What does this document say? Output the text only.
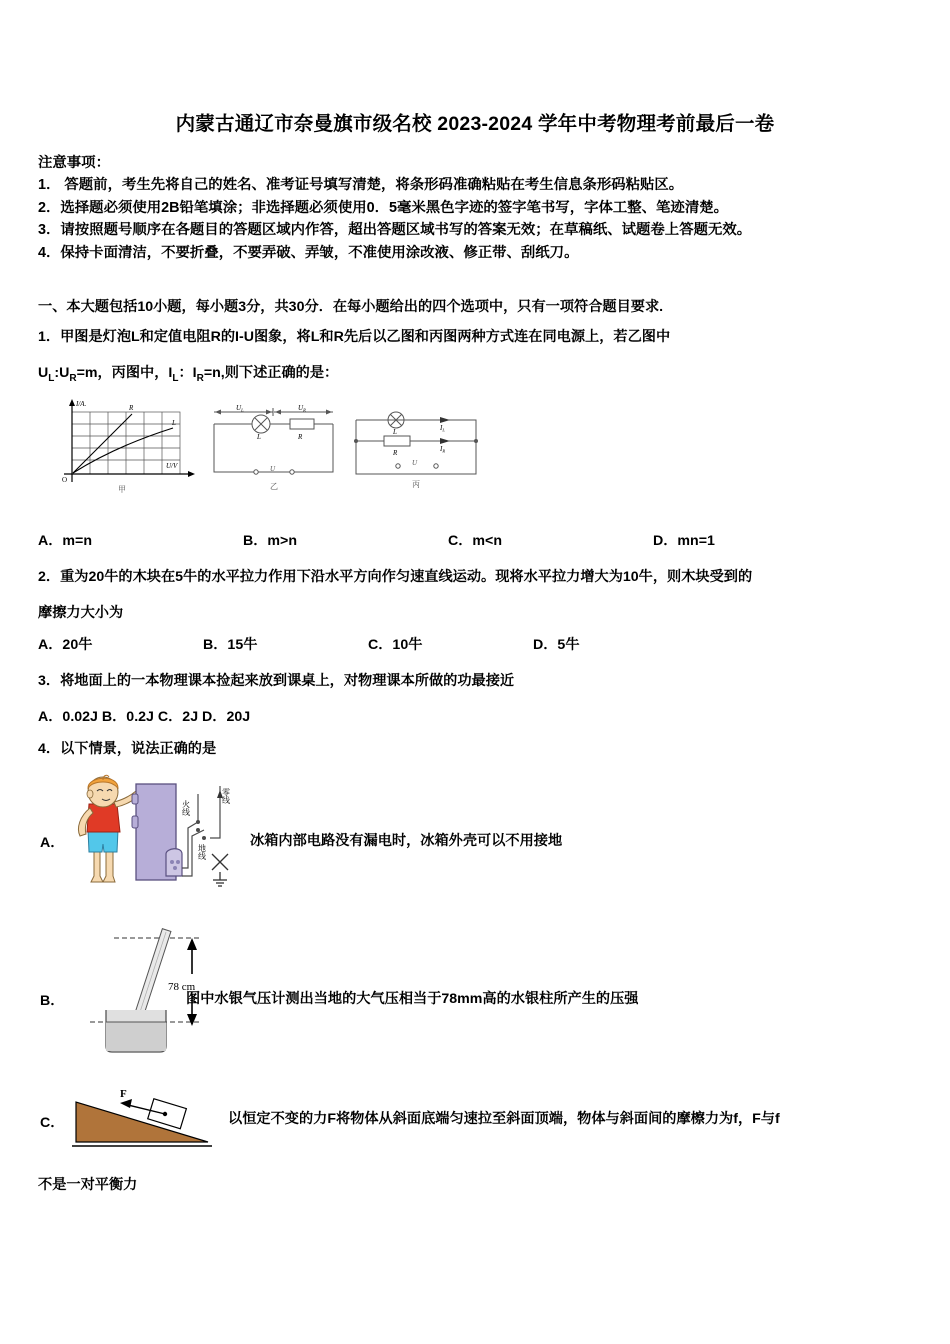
内蒙古通辽市奈曼旗市级名校 2023-2024 学年中考物理考前最后一卷
注意事项：
1． 答题前，考生先将自己的姓名、准考证号填写清楚，将条形码准确粘贴在考生信息条形码粘贴区。
2．选择题必须使用2B铅笔填涂；非选择题必须使用0．5毫米黑色字迹的签字笔书写，字体工整、笔迹清楚。
3．请按照题号顺序在各题目的答题区域内作答，超出答题区域书写的答案无效；在草稿纸、试题卷上答题无效。
4．保持卡面清洁，不要折叠，不要弄破、弄皱，不准使用涂改液、修正带、刮纸刀。
一、本大题包括10小题，每小题3分，共30分．在每小题给出的四个选项中，只有一项符合题目要求.
1．甲图是灯泡L和定值电阻R的I-U图象，将L和R先后以乙图和丙图两种方式连在同电源上，若乙图中
$U_L:U_R=m$，丙图中，$I_L$：$I_R=n$,则下述正确的是：
I/A.
U/V
O
R
L
甲
$U_L$	$U_R$
L	R
U
乙
L
R
$I_L$
$I_R$
U
丙
A．m=n	B．m>n	C．m<n	D．mn=1
2．重为20牛的木块在5牛的水平拉力作用下沿水平方向作匀速直线运动。现将水平拉力增大为10牛，则木块受到的
摩擦力大小为
A．20牛	B．15牛	C．10牛	D．5牛
3．将地面上的一本物理课本捡起来放到课桌上，对物理课本所做的功最接近
A．0.02J B．0.2J C．2J D．20J
4．以下情景，说法正确的是
A．
火线
零线
地线
冰箱内部电路没有漏电时，冰箱外壳可以不用接地
B．
78 cm
图中水银气压计测出当地的大气压相当于78mm高的水银柱所产生的压强
C．
F
以恒定不变的力F将物体从斜面底端匀速拉至斜面顶端，物体与斜面间的摩檫力为f，F与f
不是一对平衡力
